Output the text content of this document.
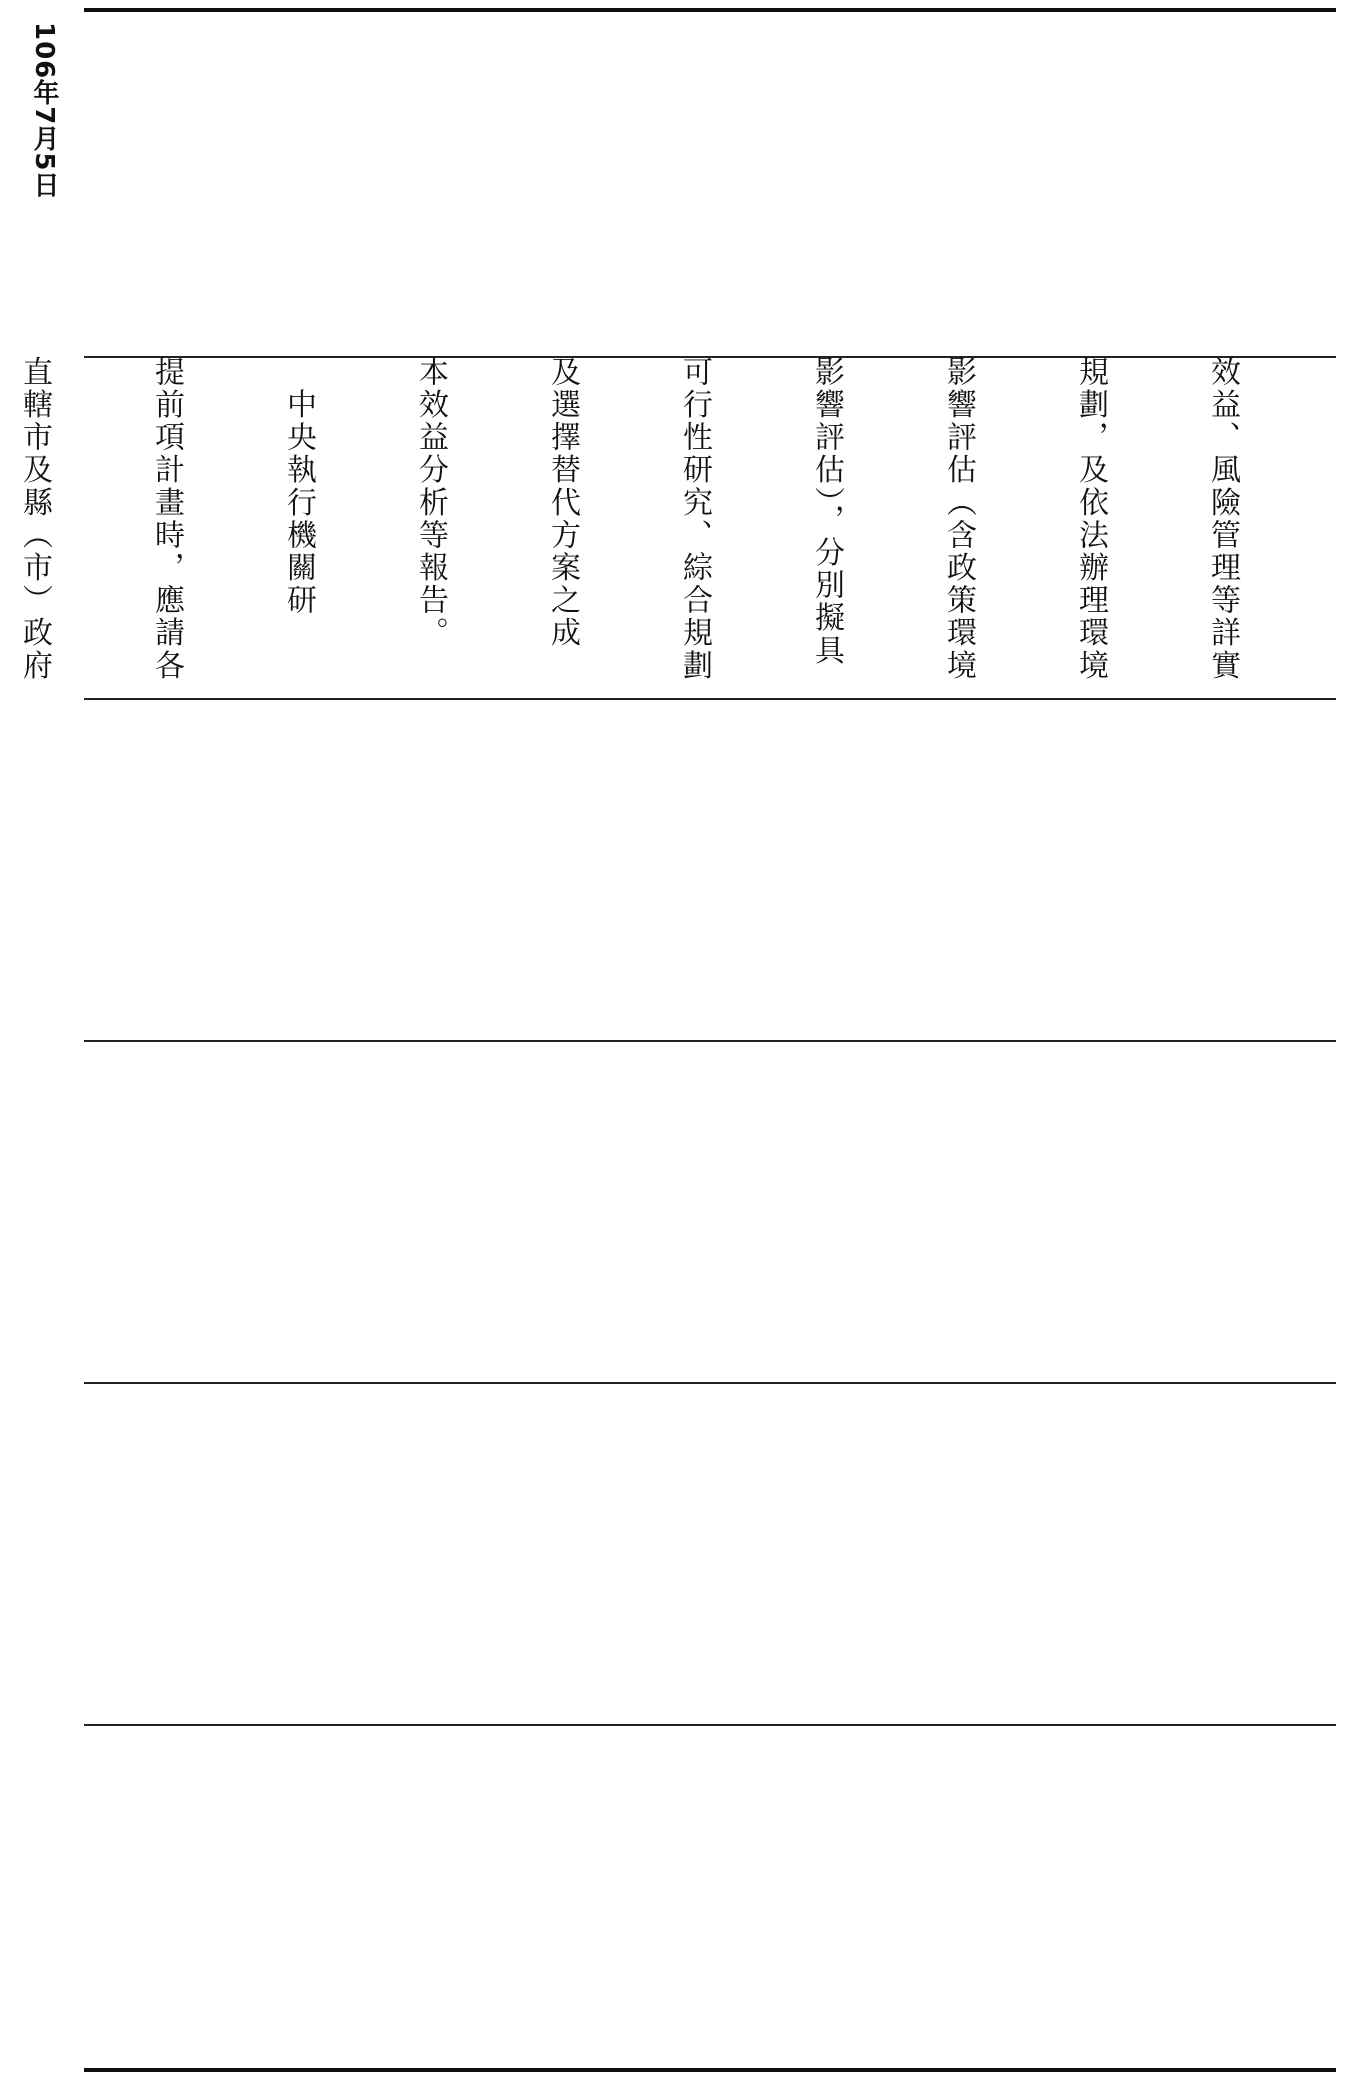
106年7月5日

效益、風險管理等詳實

規劃，及依法辦理環境

影響評估（含政策環境

影響評估），分別擬具

可行性研究、綜合規劃

及選擇替代方案之成

本效益分析等報告。

　中央執行機關研

提前項計畫時，應請各

直轄市及縣（市）政府
